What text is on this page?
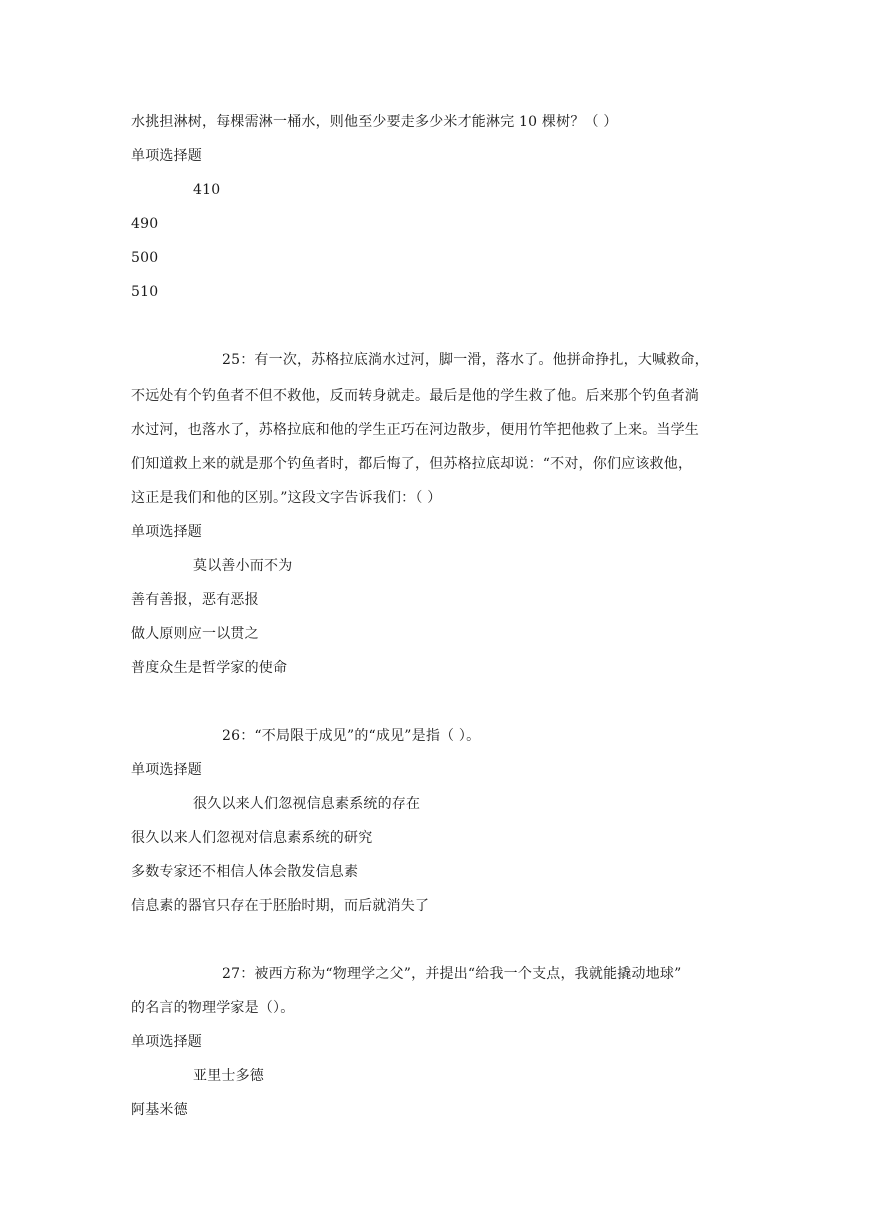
水挑担淋树，每棵需淋一桶水，则他至少要走多少米才能淋完 10 棵树？（ ）
单项选择题
410
490
500
510
25：有一次，苏格拉底淌水过河，脚一滑，落水了。他拼命挣扎，大喊救命，
不远处有个钓鱼者不但不救他，反而转身就走。最后是他的学生救了他。后来那个钓鱼者淌
水过河，也落水了，苏格拉底和他的学生正巧在河边散步，便用竹竿把他救了上来。当学生
们知道救上来的就是那个钓鱼者时，都后悔了，但苏格拉底却说：“不对，你们应该救他，
这正是我们和他的区别。”这段文字告诉我们：（ ）
单项选择题
莫以善小而不为
善有善报，恶有恶报
做人原则应一以贯之
普度众生是哲学家的使命
26：“不局限于成见”的“成见”是指（ ）。
单项选择题
很久以来人们忽视信息素系统的存在
很久以来人们忽视对信息素系统的研究
多数专家还不相信人体会散发信息素
信息素的器官只存在于胚胎时期，而后就消失了
27：被西方称为“物理学之父”，并提出“给我一个支点，我就能撬动地球”
的名言的物理学家是（）。
单项选择题
亚里士多德
阿基米德
